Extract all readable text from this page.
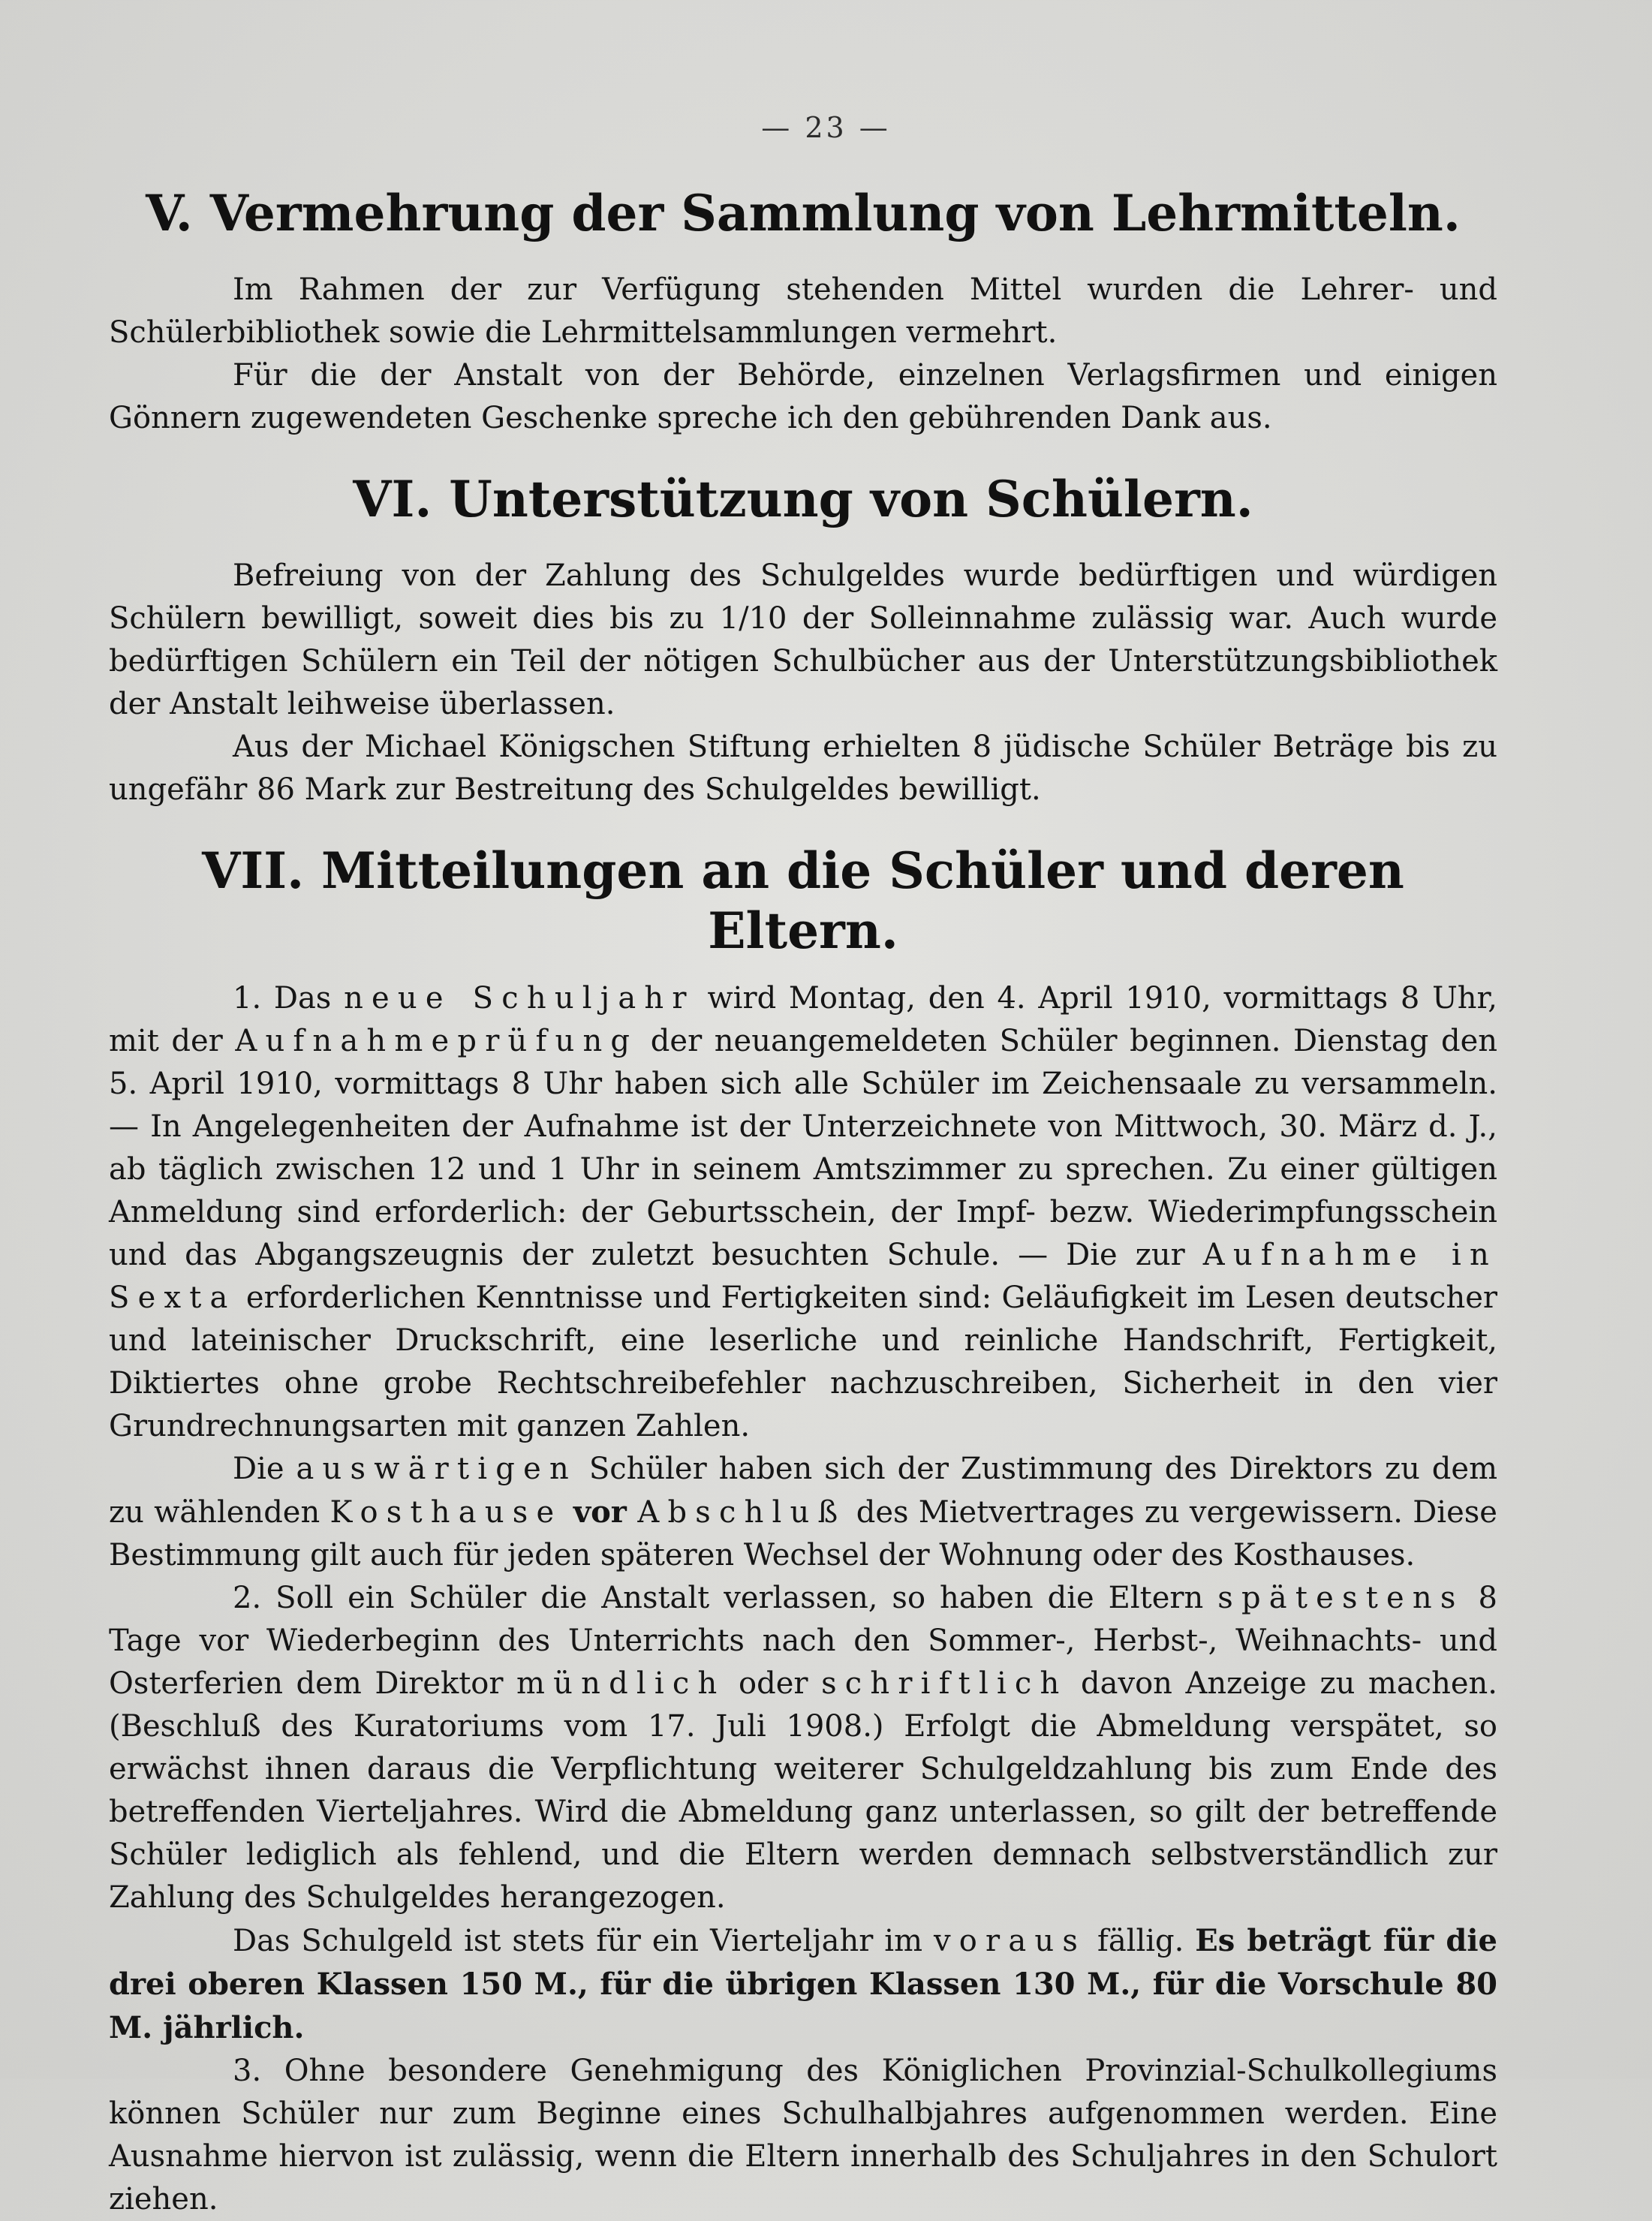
— 23 —
V. Vermehrung der Sammlung von Lehrmitteln.

Im Rahmen der zur Verfügung stehenden Mittel wurden die Lehrer- und Schülerbibliothek sowie die Lehrmittelsammlungen vermehrt.

Für die der Anstalt von der Behörde, einzelnen Verlagsfirmen und einigen Gönnern zugewendeten Geschenke spreche ich den gebührenden Dank aus.

VI. Unterstützung von Schülern.

Befreiung von der Zahlung des Schulgeldes wurde bedürftigen und würdigen Schülern bewilligt, soweit dies bis zu 1/10 der Solleinnahme zulässig war. Auch wurde bedürftigen Schülern ein Teil der nötigen Schulbücher aus der Unterstützungsbibliothek der Anstalt leihweise überlassen.

Aus der Michael Königschen Stiftung erhielten 8 jüdische Schüler Beträge bis zu ungefähr 86 Mark zur Bestreitung des Schulgeldes bewilligt.

VII. Mitteilungen an die Schüler und deren Eltern.

1. Das neue Schuljahr wird Montag, den 4. April 1910, vormittags 8 Uhr, mit der Aufnahmeprüfung der neuangemeldeten Schüler beginnen. Dienstag den 5. April 1910, vormittags 8 Uhr haben sich alle Schüler im Zeichensaale zu versammeln. — In Angelegenheiten der Aufnahme ist der Unterzeichnete von Mittwoch, 30. März d. J., ab täglich zwischen 12 und 1 Uhr in seinem Amtszimmer zu sprechen. Zu einer gültigen Anmeldung sind erforderlich: der Geburtsschein, der Impf- bezw. Wiederimpfungsschein und das Abgangszeugnis der zuletzt besuchten Schule. — Die zur Aufnahme in Sexta erforderlichen Kenntnisse und Fertigkeiten sind: Geläufigkeit im Lesen deutscher und lateinischer Druckschrift, eine leserliche und reinliche Handschrift, Fertigkeit, Diktiertes ohne grobe Rechtschreibefehler nachzuschreiben, Sicherheit in den vier Grundrechnungsarten mit ganzen Zahlen.

Die auswärtigen Schüler haben sich der Zustimmung des Direktors zu dem zu wählenden Kosthause vor Abschluß des Mietvertrages zu vergewissern. Diese Bestimmung gilt auch für jeden späteren Wechsel der Wohnung oder des Kosthauses.

2. Soll ein Schüler die Anstalt verlassen, so haben die Eltern spätestens 8 Tage vor Wiederbeginn des Unterrichts nach den Sommer-, Herbst-, Weihnachts- und Osterferien dem Direktor mündlich oder schriftlich davon Anzeige zu machen. (Beschluß des Kuratoriums vom 17. Juli 1908.) Erfolgt die Abmeldung verspätet, so erwächst ihnen daraus die Verpflichtung weiterer Schulgeldzahlung bis zum Ende des betreffenden Vierteljahres. Wird die Abmeldung ganz unterlassen, so gilt der betreffende Schüler lediglich als fehlend, und die Eltern werden demnach selbstverständlich zur Zahlung des Schulgeldes herangezogen.

Das Schulgeld ist stets für ein Vierteljahr im voraus fällig. Es beträgt für die drei oberen Klassen 150 M., für die übrigen Klassen 130 M., für die Vorschule 80 M. jährlich.

3. Ohne besondere Genehmigung des Königlichen Provinzial-Schulkollegiums können Schüler nur zum Beginne eines Schulhalbjahres aufgenommen werden. Eine Ausnahme hiervon ist zulässig, wenn die Eltern innerhalb des Schuljahres in den Schulort ziehen.
